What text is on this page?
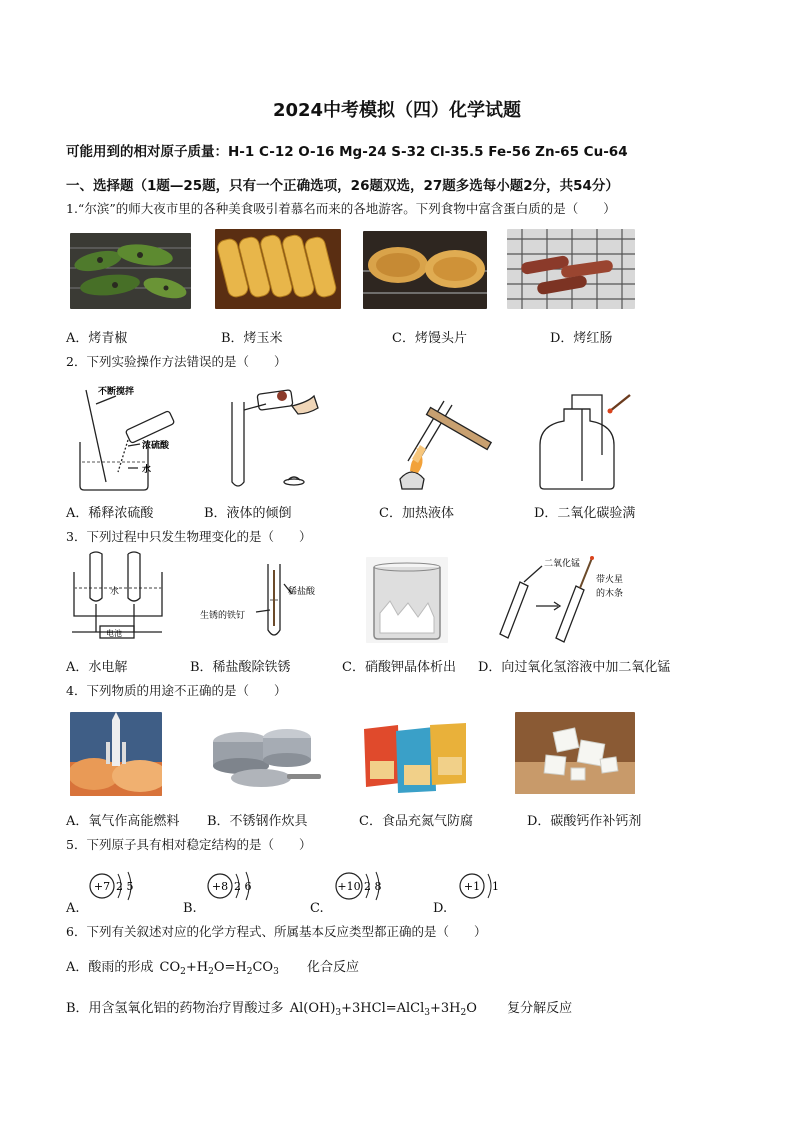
2024中考模拟（四）化学试题
可能用到的相对原子质量：H-1 C-12 O-16 Mg-24 S-32 Cl-35.5 Fe-56 Zn-65 Cu-64
一、选择题（1题—25题，只有一个正确选项，26题双选，27题多选每小题2分，共54分）
1.“尔滨”的师大夜市里的各种美食吸引着慕名而来的各地游客。下列食物中富含蛋白质的是（　　）
A．烤青椒	B．烤玉米	C．烤馒头片	D．烤红肠
2．下列实验操作方法错误的是（　　）
不断搅拌
浓硫酸
水
A．稀释浓硫酸	B．液体的倾倒	C．加热液体	D．二氧化碳验满
3．下列过程中只发生物理变化的是（　　）
水
电池
生锈的铁钉
稀盐酸
二氧化锰
带火星
的木条
A．水电解	B．稀盐酸除铁锈	C．硝酸钾晶体析出 D．向过氧化氢溶液中加二氧化锰
4．下列物质的用途不正确的是（　　）
A．氧气作高能燃料 B．不锈钢作炊具	C．食品充氮气防腐	D．碳酸钙作补钙剂
5．下列原子具有相对稳定结构的是（　　）
A.
+7 2 5
B.
+8 2 6
C.
+10 2 8
D.
+1 1
6．下列有关叙述对应的化学方程式、所属基本反应类型都正确的是（　　）
A．酸雨的形成 $CO_2+H_2O=H_2CO_3$ 化合反应
B．用含氢氧化铝的药物治疗胃酸过多 $Al(OH)_3+3HCl=AlCl_3+3H_2O$ 复分解反应
